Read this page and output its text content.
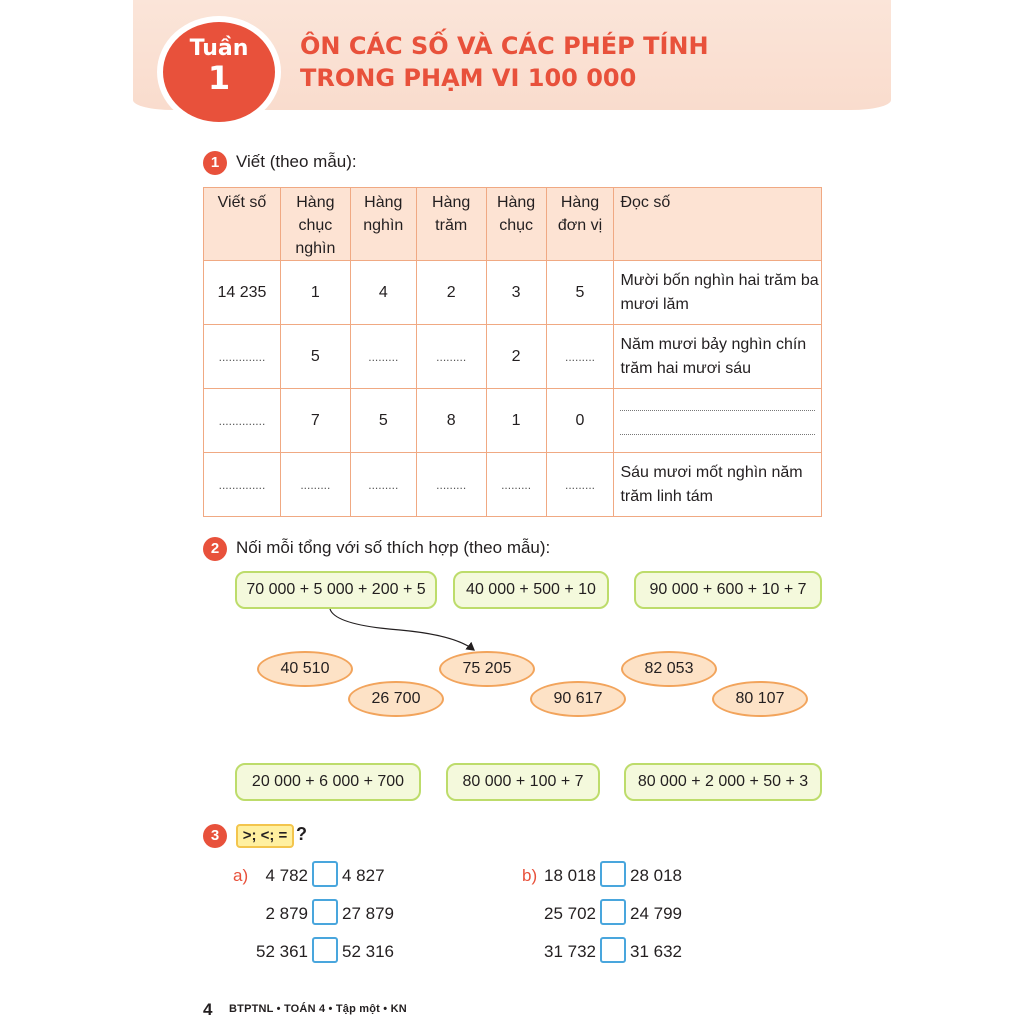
Tuần
1
ÔN CÁC SỐ VÀ CÁC PHÉP TÍNH
TRONG PHẠM VI 100 000
1 Viết (theo mẫu):
Viết số	Hàng chục nghìn	Hàng nghìn	Hàng trăm	Hàng chục	Hàng đơn vị	Đọc số
14 235	1	4	2	3	5	Mười bốn nghìn hai trăm ba mươi lăm
..............	5	.........	.........	2	.........	Năm mươi bảy nghìn chín trăm hai mươi sáu
..............	7	5	8	1	0	

..............	.........	.........	.........	.........	.........	Sáu mươi mốt nghìn năm trăm linh tám
2 Nối mỗi tổng với số thích hợp (theo mẫu):
70 000 + 5 000 + 200 + 5	40 000 + 500 + 10	90 000 + 600 + 10 + 7
40 510
26 700
75 205
90 617
82 053
80 107
20 000 + 6 000 + 700	80 000 + 100 + 7	80 000 + 2 000 + 50 + 3
3	>; <; = ?
a)	4 782 4 827
2 879 27 879
52 361 52 316
b) 18 018 28 018
25 702 24 799
31 732 31 632
4 BTPTNL • TOÁN 4 • Tập một • KN
